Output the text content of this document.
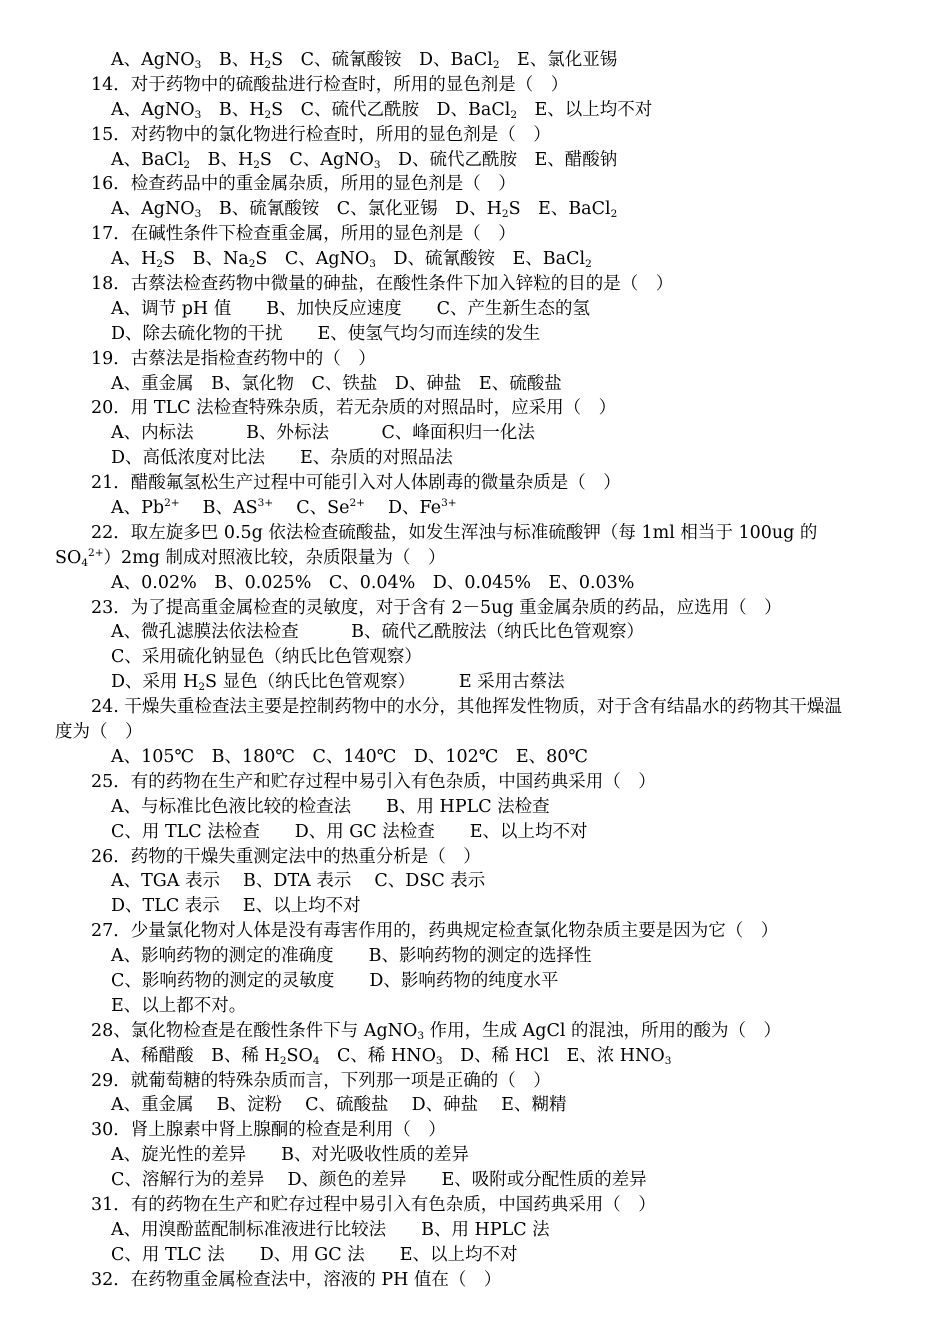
A、AgNO$_3$　B、$H_2S$　C、硫氰酸铵　D、BaCl$_2$　E、氯化亚锡
14．对于药物中的硫酸盐进行检查时，所用的显色剂是（　）
A、AgNO$_3$　B、$H_2S$　C、硫代乙酰胺　D、BaCl$_2$　E、以上均不对
15．对药物中的氯化物进行检查时，所用的显色剂是（　）
A、BaCl$_2$　B、$H_2S$　C、AgNO$_3$　D、硫代乙酰胺　E、醋酸钠
16．检查药品中的重金属杂质，所用的显色剂是（　）
A、AgNO$_3$　B、硫氰酸铵　C、氯化亚锡　D、$H_2S$　E、BaCl$_2$
17．在碱性条件下检查重金属，所用的显色剂是（　）
A、$H_2S$　B、$Na_2S$　C、AgNO$_3$　D、硫氰酸铵　E、BaCl$_2$
18．古蔡法检查药物中微量的砷盐，在酸性条件下加入锌粒的目的是（　）
A、调节 pH 值　　B、加快反应速度　　C、产生新生态的氢
D、除去硫化物的干扰　　E、使氢气均匀而连续的发生
19．古蔡法是指检查药物中的（　）
A、重金属　B、氯化物　C、铁盐　D、砷盐　E、硫酸盐
20．用 TLC 法检查特殊杂质，若无杂质的对照品时，应采用（　）
A、内标法　　　B、外标法　　　C、峰面积归一化法
D、高低浓度对比法　　E、杂质的对照品法
21．醋酸氟氢松生产过程中可能引入对人体剧毒的微量杂质是（　）
A、$Pb^{2+}$　 B、$AS^{3+}$　 C、$Se^{2+}$　 D、$Fe^{3+}$
22．取左旋多巴 0.5g 依法检查硫酸盐，如发生浑浊与标准硫酸钾（每 1ml 相当于 100ug 的
$SO_4^{2+})2mg$ 制成对照液比较，杂质限量为（　）
A、0.02%　B、0.025%　C、0.04%　D、0.045%　E、0.03%
23．为了提高重金属检查的灵敏度，对于含有 2－5ug 重金属杂质的药品，应选用（　）
A、微孔滤膜法依法检查　　　B、硫代乙酰胺法（纳氏比色管观察）
C、采用硫化钠显色（纳氏比色管观察）
D、采用 $H_2S$ 显色（纳氏比色管观察）　　　E 采用古蔡法
24. 干燥失重检查法主要是控制药物中的水分，其他挥发性物质，对于含有结晶水的药物其干燥温
度为（　）
A、105℃　B、180℃　C、140℃　D、102℃　E、80℃
25．有的药物在生产和贮存过程中易引入有色杂质，中国药典采用（　）
A、与标准比色液比较的检查法　　B、用 HPLC 法检查
C、用 TLC 法检查　　D、用 GC 法检查　　E、以上均不对
26．药物的干燥失重测定法中的热重分析是（　）
A、TGA 表示　 B、DTA 表示　 C、DSC 表示
D、TLC 表示　 E、以上均不对
27．少量氯化物对人体是没有毒害作用的，药典规定检查氯化物杂质主要是因为它（　）
A、影响药物的测定的准确度　　B、影响药物的测定的选择性
C、影响药物的测定的灵敏度　　D、影响药物的纯度水平
E、以上都不对。
28、氯化物检查是在酸性条件下与 AgNO$_3$ 作用，生成 AgCl 的混浊，所用的酸为（　）
A、稀醋酸　B、稀 $H_2SO_4$　C、稀 $HNO_3$　D、稀 HCl　E、浓 $HNO_3$
29．就葡萄糖的特殊杂质而言，下列那一项是正确的（　）
A、重金属　 B、淀粉　 C、硫酸盐　 D、砷盐　 E、糊精
30．肾上腺素中肾上腺酮的检查是利用（　）
A、旋光性的差异　　B、对光吸收性质的差异
C、溶解行为的差异　 D、颜色的差异　　E、吸附或分配性质的差异
31．有的药物在生产和贮存过程中易引入有色杂质，中国药典采用（　）
A、用溴酚蓝配制标准液进行比较法　　B、用 HPLC 法
C、用 TLC 法　　D、用 GC 法　　E、以上均不对
32．在药物重金属检查法中，溶液的 PH 值在（　）
